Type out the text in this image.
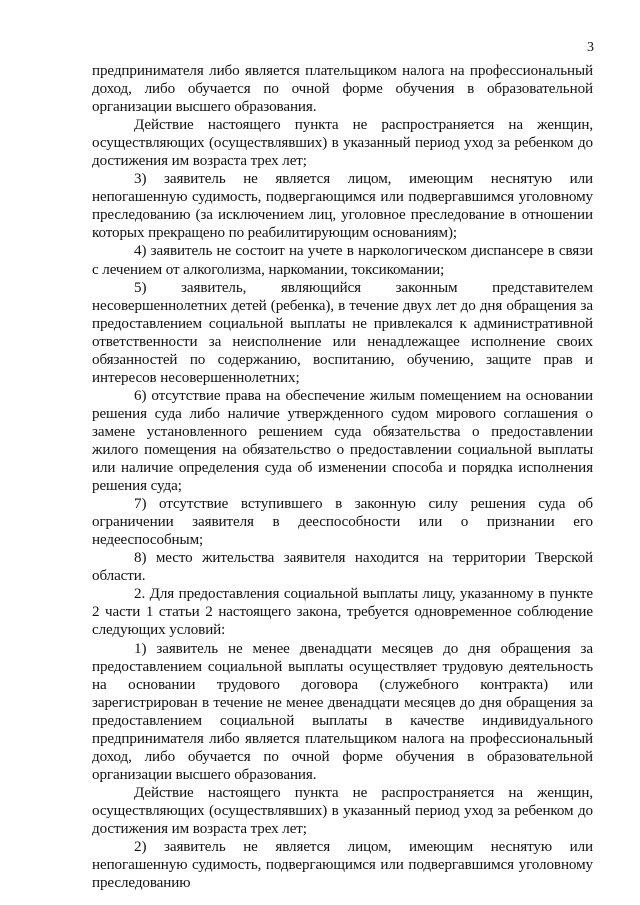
3

предпринимателя либо является плательщиком налога на профессиональный доход, либо обучается по очной форме обучения в образовательной организации высшего образования.

Действие настоящего пункта не распространяется на женщин, осуществляющих (осуществлявших) в указанный период уход за ребенком до достижения им возраста трех лет;

3) заявитель не является лицом, имеющим неснятую или непогашенную судимость, подвергающимся или подвергавшимся уголовному преследованию (за исключением лиц, уголовное преследование в отношении которых прекращено по реабилитирующим основаниям);

4) заявитель не состоит на учете в наркологическом диспансере в связи с лечением от алкоголизма, наркомании, токсикомании;

5) заявитель, являющийся законным представителем несовершеннолетних детей (ребенка), в течение двух лет до дня обращения за предоставлением социальной выплаты не привлекался к административной ответственности за неисполнение или ненадлежащее исполнение своих обязанностей по содержанию, воспитанию, обучению, защите прав и интересов несовершеннолетних;

6) отсутствие права на обеспечение жилым помещением на основании решения суда либо наличие утвержденного судом мирового соглашения о замене установленного решением суда обязательства о предоставлении жилого помещения на обязательство о предоставлении социальной выплаты или наличие определения суда об изменении способа и порядка исполнения решения суда;

7) отсутствие вступившего в законную силу решения суда об ограничении заявителя в дееспособности или о признании его недееспособным;

8) место жительства заявителя находится на территории Тверской области.

2. Для предоставления социальной выплаты лицу, указанному в пункте 2 части 1 статьи 2 настоящего закона, требуется одновременное соблюдение следующих условий:

1) заявитель не менее двенадцати месяцев до дня обращения за предоставлением социальной выплаты осуществляет трудовую деятельность на основании трудового договора (служебного контракта) или зарегистрирован в течение не менее двенадцати месяцев до дня обращения за предоставлением социальной выплаты в качестве индивидуального предпринимателя либо является плательщиком налога на профессиональный доход, либо обучается по очной форме обучения в образовательной организации высшего образования.

Действие настоящего пункта не распространяется на женщин, осуществляющих (осуществлявших) в указанный период уход за ребенком до достижения им возраста трех лет;

2) заявитель не является лицом, имеющим неснятую или непогашенную судимость, подвергающимся или подвергавшимся уголовному преследованию
